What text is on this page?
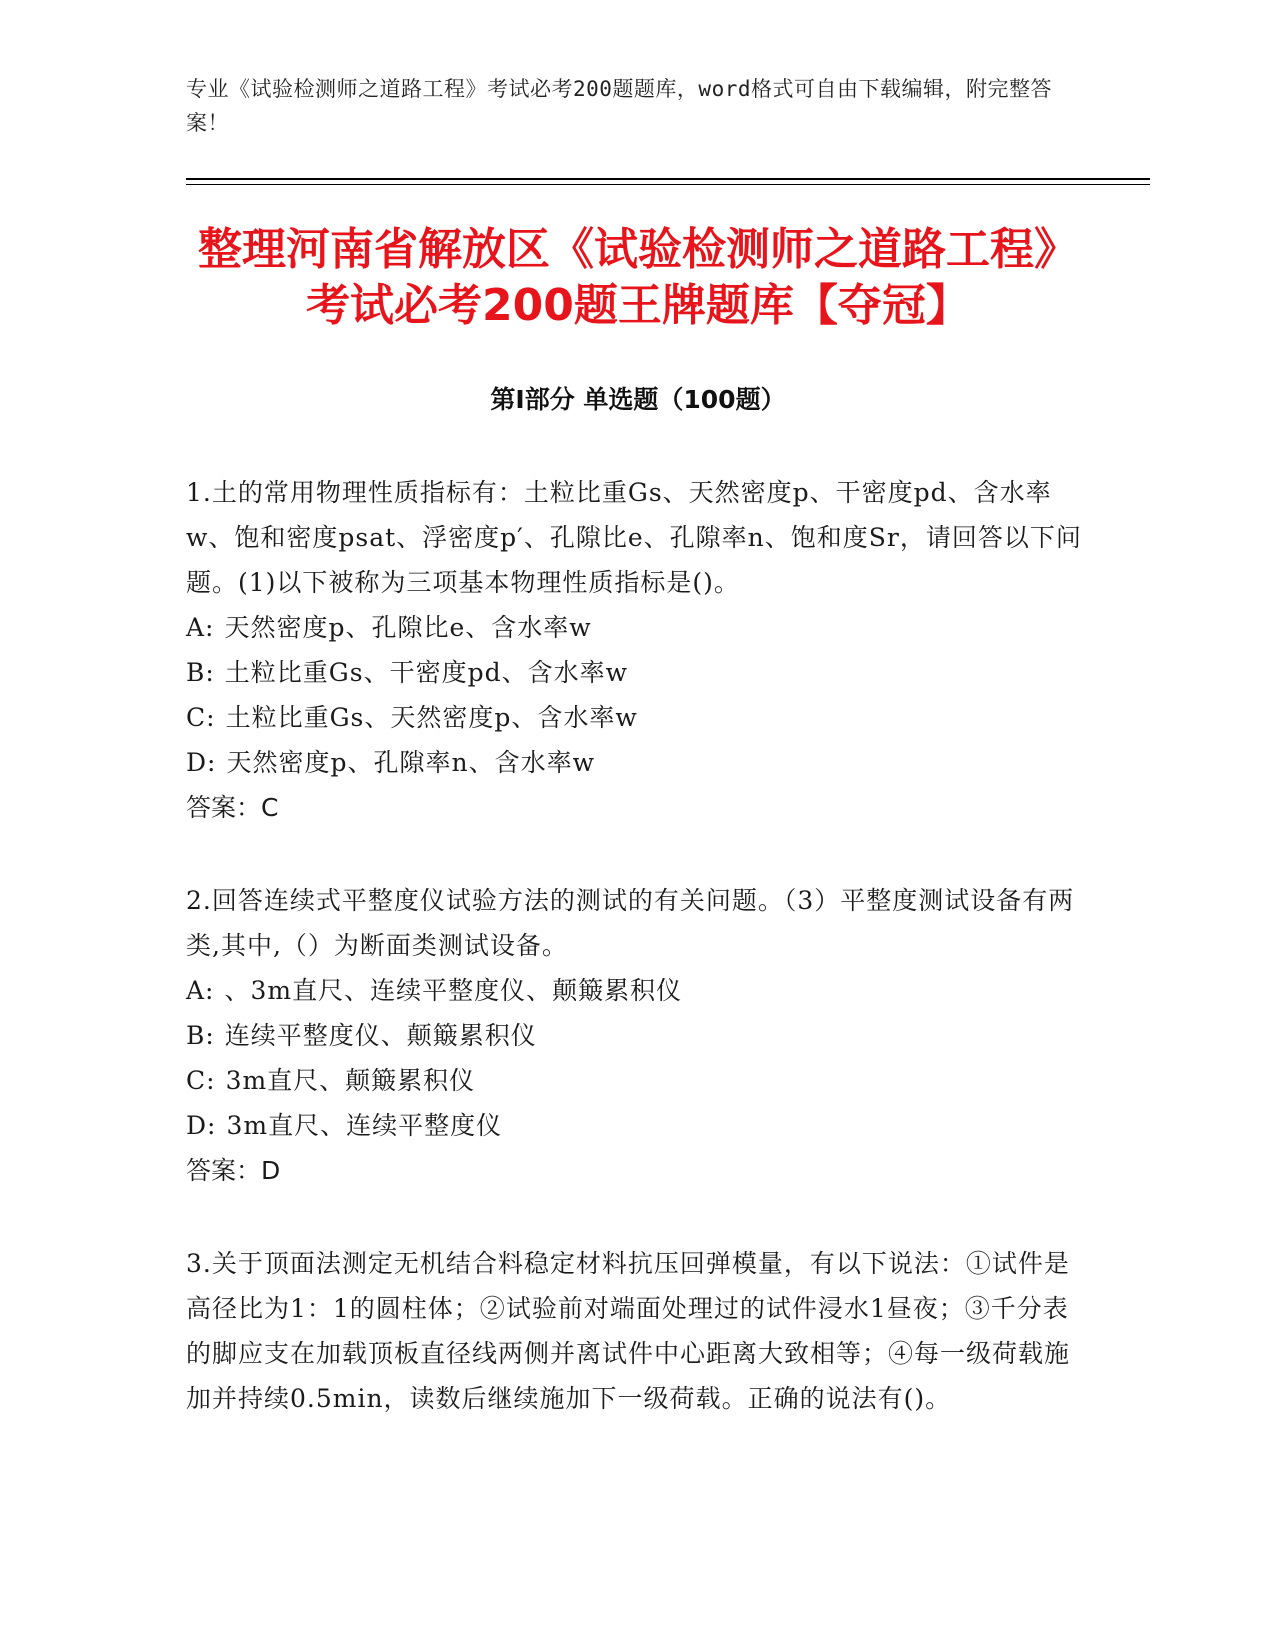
专业《试验检测师之道路工程》考试必考200题题库，word格式可自由下载编辑，附完整答案！
整理河南省解放区《试验检测师之道路工程》考试必考200题王牌题库【夺冠】
第I部分 单选题（100题）
1.土的常用物理性质指标有：土粒比重Gs、天然密度p、干密度pd、含水率w、饱和密度psat、浮密度p′、孔隙比e、孔隙率n、饱和度Sr，请回答以下问题。(1)以下被称为三项基本物理性质指标是()。
A: 天然密度p、孔隙比e、含水率w
B: 土粒比重Gs、干密度pd、含水率w
C: 土粒比重Gs、天然密度p、含水率w
D: 天然密度p、孔隙率n、含水率w
答案：C
2.回答连续式平整度仪试验方法的测试的有关问题。（3）平整度测试设备有两类,其中,（）为断面类测试设备。
A: 、3m直尺、连续平整度仪、颠簸累积仪
B: 连续平整度仪、颠簸累积仪
C: 3m直尺、颠簸累积仪
D: 3m直尺、连续平整度仪
答案：D
3.关于顶面法测定无机结合料稳定材料抗压回弹模量，有以下说法：①试件是高径比为1：1的圆柱体；②试验前对端面处理过的试件浸水1昼夜；③千分表的脚应支在加载顶板直径线两侧并离试件中心距离大致相等；④每一级荷载施加并持续0.5min，读数后继续施加下一级荷载。正确的说法有()。
